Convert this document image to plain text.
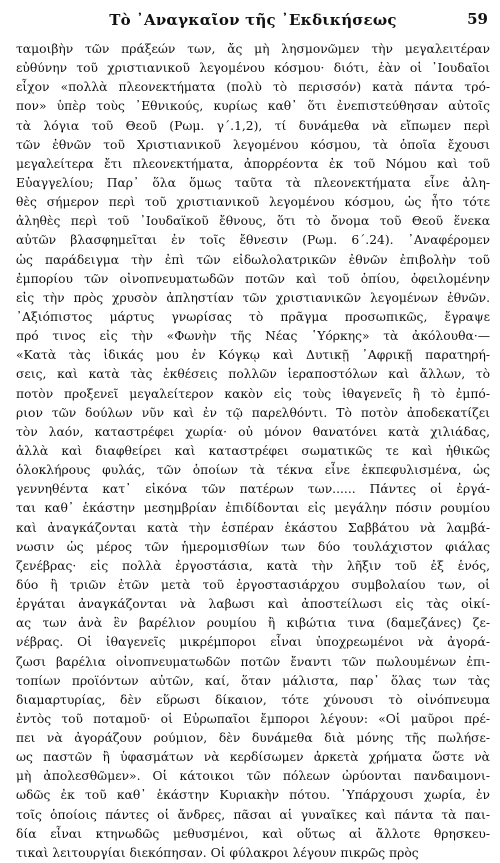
Τὸ ᾿Αναγκαῖον τῆς ᾿Εκδικήσεως	59
ταμοιβὴν τῶν πράξεών των, ἄς μὴ λησμονῶμεν τὴν μεγαλειτέραν
εὐθύνην τοῦ χριστιανικοῦ λεγομένου κόσμου· διότι, ἐὰν οἱ ᾿Ιουδαῖοι
εἶχον «πολλὰ πλεονεκτήματα (πολὺ τὸ περισσόν) κατὰ πάντα τρό-
πον» ὑπὲρ τοὺς ᾿Εθνικούς, κυρίως καθ᾿ ὅτι ἐνεπιστεύθησαν αὐτοῖς
τὰ λόγια τοῦ Θεοῦ (Ρωμ. γ΄.1,2), τί δυνάμεθα νὰ εἴπωμεν περὶ
τῶν ἐθνῶν τοῦ Χριστιανικοῦ λεγομένου κόσμου, τὰ ὁποῖα ἔχουσι
μεγαλείτερα ἔτι πλεονεκτήματα, ἀπορρέοντα ἐκ τοῦ Νόμου καὶ τοῦ
Εὐαγγελίου; Παρ᾿ ὅλα ὅμως ταῦτα τὰ πλεονεκτήματα εἶνε ἀλη-
θὲς σήμερον περὶ τοῦ χριστιανικοῦ λεγομένου κόσμου, ὡς ἦτο τότε
ἀληθὲς περὶ τοῦ ᾿Ιουδαϊκοῦ ἔθνους, ὅτι τὸ ὄνομα τοῦ Θεοῦ ἕνεκα
αὐτῶν βλασφημεῖται ἐν τοῖς ἔθνεσιν (Ρωμ. 6΄.24). ᾿Αναφέρομεν
ὡς παράδειγμα τὴν ἐπὶ τῶν εἰδωλολατρικῶν ἐθνῶν ἐπιβολὴν τοῦ
ἐμπορίου τῶν οἰνοπνευματωδῶν ποτῶν καὶ τοῦ ὀπίου, ὀφειλομένην
εἰς τὴν πρὸς χρυσὸν ἀπληστίαν τῶν χριστιανικῶν λεγομένων ἐθνῶν.
᾿Αξιόπιστος μάρτυς γνωρίσας τὸ πρᾶγμα προσωπικῶς, ἔγραψε
πρό τινος εἰς τὴν «Φωνὴν τῆς Νέας ῾Υόρκης» τὰ ἀκόλουθα·—
«Κατὰ τὰς ἰδικάς μου ἐν Κόγκῳ καὶ Δυτικῇ ᾿Αφρικῇ παρατηρή-
σεις, καὶ κατὰ τὰς ἐκθέσεις πολλῶν ἱεραποστόλων καὶ ἄλλων, τὸ
ποτὸν προξενεῖ μεγαλείτερον κακὸν εἰς τοὺς ἰθαγενεῖς ἢ τὸ ἐμπό-
ριον τῶν δούλων νῦν καὶ ἐν τῷ παρελθόντι. Τὸ ποτὸν ἀποδεκατίζει
τὸν λαόν, καταστρέφει χωρία· οὐ μόνον θανατόνει κατὰ χιλιάδας,
ἀλλὰ καὶ διαφθείρει καὶ καταστρέφει σωματικῶς τε καὶ ἠθικῶς
ὁλοκλήρους φυλάς, τῶν ὁποίων τὰ τέκνα εἶνε ἐκπεφυλισμένα, ὡς
γεννηθέντα κατ᾿ εἰκόνα τῶν πατέρων των...... Πάντες οἱ ἐργά-
ται καθ᾿ ἑκάστην μεσημβρίαν ἐπιδίδονται εἰς μεγάλην πόσιν ρουμίου
καὶ ἀναγκάζονται κατὰ τὴν ἑσπέραν ἑκάστου Σαββάτου νὰ λαμβά-
νωσιν ὡς μέρος τῶν ἡμερομισθίων των δύο τουλάχιστον φιάλας
ζενέβρας· εἰς πολλὰ ἐργοστάσια, κατὰ τὴν λῆξιν τοῦ ἐξ ἑνός,
δύο ἢ τριῶν ἐτῶν μετὰ τοῦ ἐργοστασιάρχου συμβολαίου των, οἱ
ἐργάται ἀναγκάζονται νὰ λαβωσι καὶ ἀποστείλωσι εἰς τὰς οἰκί-
ας των ἀνὰ ἓν βαρέλιον ρουμίου ἢ κιβώτια τινα (δαμεζάνες) ζε-
νέβρας. Οἱ ἰθαγενεῖς μικρέμποροι εἶναι ὑποχρεωμένοι νὰ ἀγορά-
ζωσι βαρέλια οἰνοπνευματωδῶν ποτῶν ἔναντι τῶν πωλουμένων ἐπι-
τοπίων προϊόντων αὐτῶν, καί, ὅταν μάλιστα, παρ᾿ ὅλας των τὰς
διαμαρτυρίας, δὲν εὕρωσι δίκαιον, τότε χύνουσι τὸ οἰνόπνευμα
ἐντὸς τοῦ ποταμοῦ· οἱ Εὐρωπαῖοι ἔμποροι λέγουν: «Οἱ μαῦροι πρέ-
πει νὰ ἀγοράζουν ρούμιον, δὲν δυνάμεθα διὰ μόνης τῆς πωλήσε-
ως παστῶν ἢ ὑφασμάτων νὰ κερδίσωμεν ἀρκετὰ χρήματα ὥστε νὰ
μὴ ἀπολεσθῶμεν». Οἱ κάτοικοι τῶν πόλεων ὠρύονται πανδαιμονι-
ωδῶς ἐκ τοῦ καθ᾿ ἑκάστην Κυριακὴν πότου. ῾Υπάρχουσι χωρία, ἐν
τοῖς ὁποίοις πάντες οἱ ἄνδρες, πᾶσαι αἱ γυναῖκες καὶ πάντα τὰ παι-
δία εἶναι κτηνωδῶς μεθυσμένοι, καὶ οὕτως αἱ ἄλλοτε θρησκευ-
τικαὶ λειτουργίαι διεκόπησαν. Οἱ φύλακροι λέγουν πικρῶς πρὸς
